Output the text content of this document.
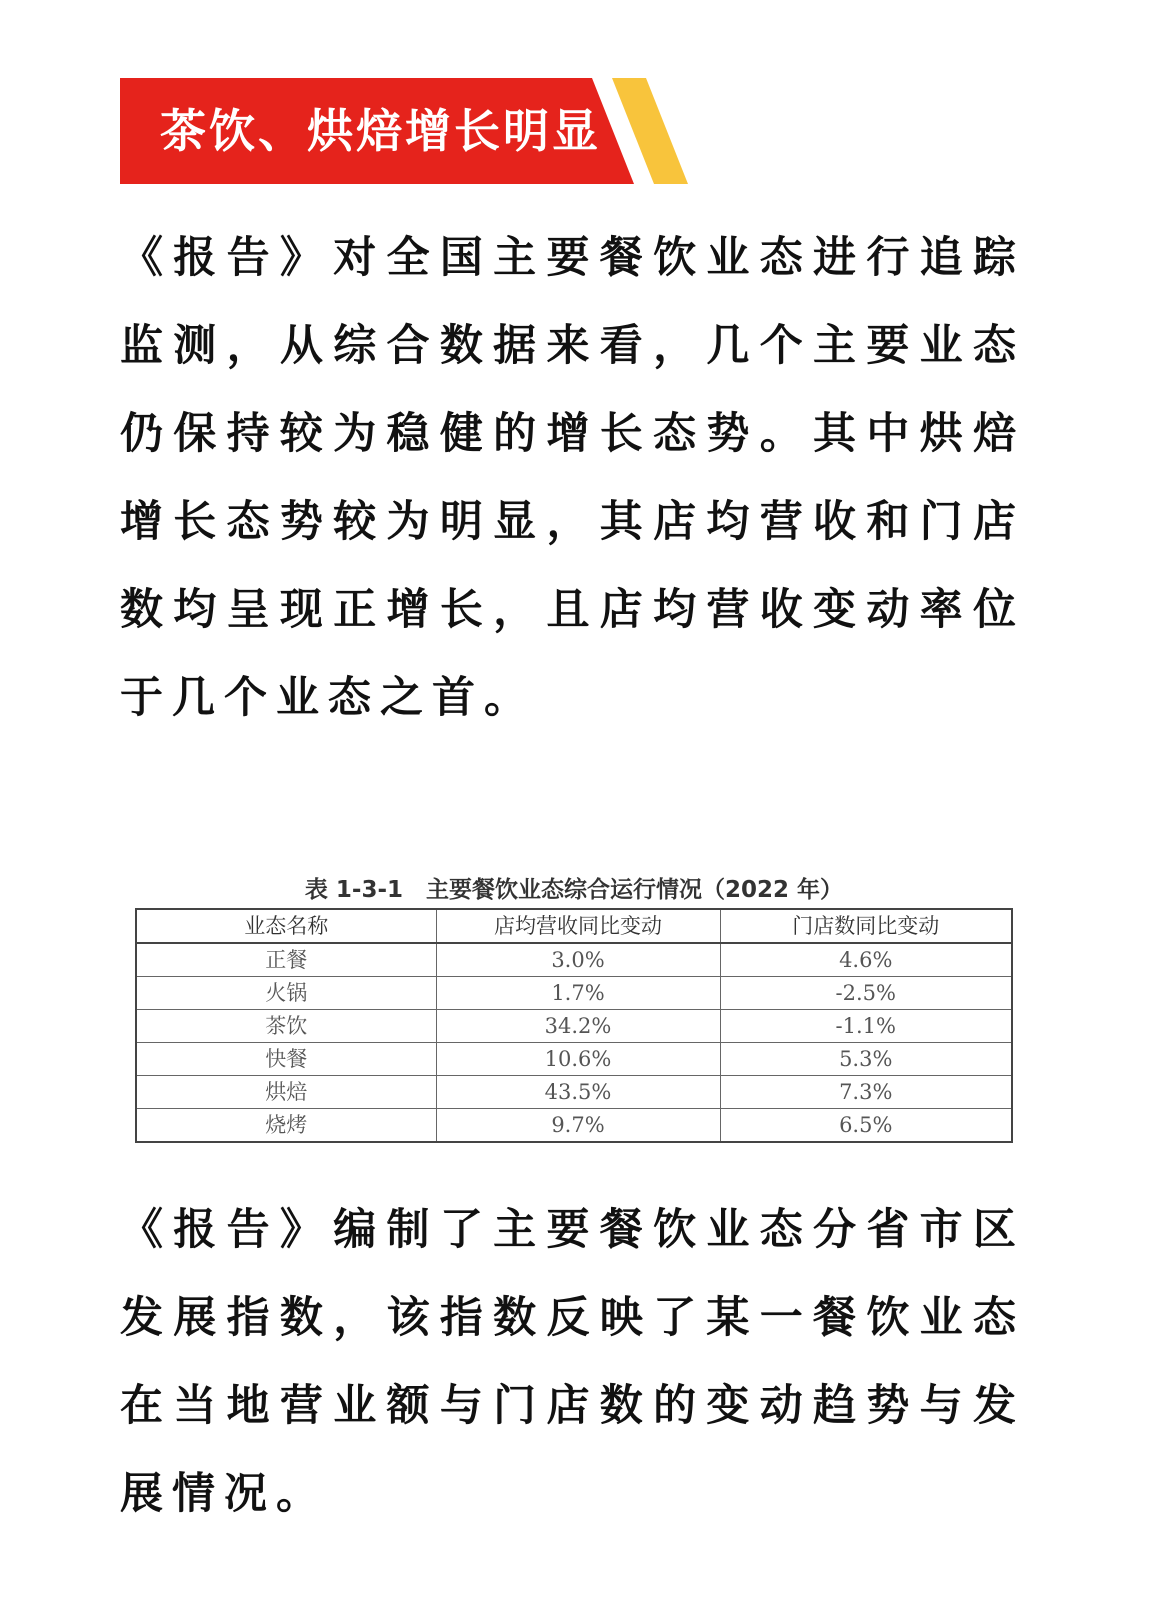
茶饮、烘焙增长明显

《报告》对全国主要餐饮业态进行追踪监测，从综合数据来看，几个主要业态仍保持较为稳健的增长态势。其中烘焙增长态势较为明显，其店均营收和门店数均呈现正增长，且店均营收变动率位于几个业态之首。

表 1-3-1　主要餐饮业态综合运行情况（2022 年）
业态名称	店均营收同比变动	门店数同比变动
正餐	3.0%	4.6%
火锅	1.7%	-2.5%
茶饮	34.2%	-1.1%
快餐	10.6%	5.3%
烘焙	43.5%	7.3%
烧烤	9.7%	6.5%

《报告》编制了主要餐饮业态分省市区发展指数，该指数反映了某一餐饮业态在当地营业额与门店数的变动趋势与发展情况。
